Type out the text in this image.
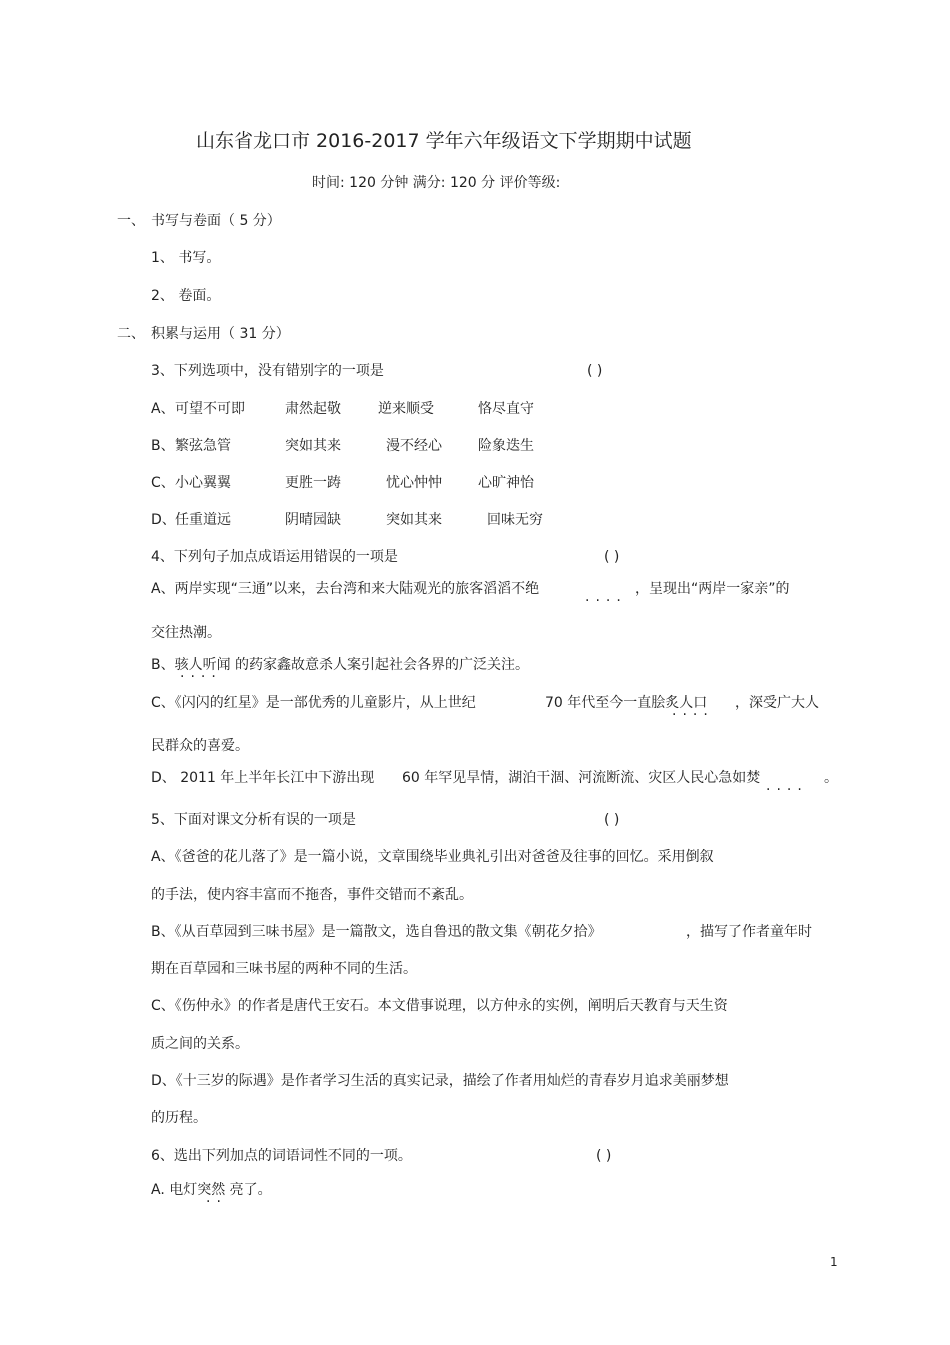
山东省龙口市 2016-2017 学年六年级语文下学期期中试题
时间: 120 分钟 满分: 120 分 评价等级:
一、 书写与卷面（ 5 分）
1、 书写。
2、 卷面。
二、 积累与运用（ 31 分）
3、下列选项中，没有错别字的一项是	( )
A、 可望不可即	肃然起敬	逆来顺受	恪尽直守
B、 繁弦急管	突如其来	漫不经心	险象迭生
C、 小心翼翼	更胜一踌	忧心忡忡	心旷神怡
D、 任重道远	阴晴园缺	突如其来	回味无穷
4、下列句子加点成语运用错误的一项是	( )
A、两岸实现“三通”以来，去台湾和来大陆观光的旅客滔滔不绝
····
，呈现出“两岸一家亲”的
交往热潮。
B、骇人听闻 的药家鑫故意杀人案引起社会各界的广泛关注。
····
C、《闪闪的红星》是一部优秀的儿童影片，从上世纪	70 年代至今一直脍炙人口
····
，深受广大人
民群众的喜爱。
D、 2011 年上半年长江中下游出现 60 年罕见旱情，湖泊干涸、河流断流、灾区人民心急如焚
····
。
5、下面对课文分析有误的一项是	( )
A、《爸爸的花儿落了》是一篇小说，文章围绕毕业典礼引出对爸爸及往事的回忆。采用倒叙
的手法，使内容丰富而不拖沓，事件交错而不紊乱。
B、《从百草园到三味书屋》是一篇散文，选自鲁迅的散文集《朝花夕拾》	，描写了作者童年时
期在百草园和三味书屋的两种不同的生活。
C、《伤仲永》的作者是唐代王安石。本文借事说理，以方仲永的实例，阐明后天教育与天生资
质之间的关系。
D、《十三岁的际遇》是作者学习生活的真实记录，描绘了作者用灿烂的青春岁月追求美丽梦想
的历程。
6、选出下列加点的词语词性不同的一项。	( )
A. 电灯突然 亮了。
··
1
